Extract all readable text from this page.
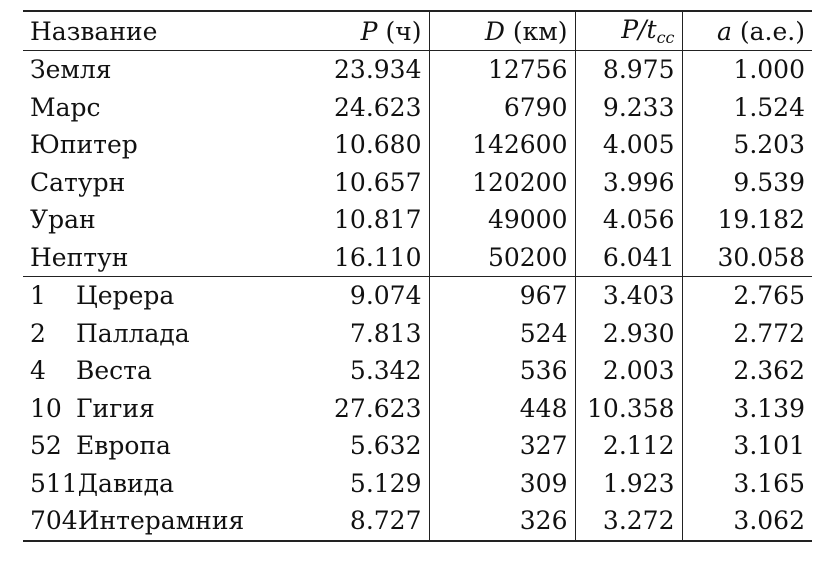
Название	P (ч)	D (км)	$P/t_{cc}$	a (а.е.)
Земля	23.934	12756	8.975	1.000
Марс	24.623	6790	9.233	1.524
Юпитер	10.680	142600	4.005	5.203
Сатурн	10.657	120200	3.996	9.539
Уран	10.817	49000	4.056	19.182
Нептун	16.110	50200	6.041	30.058
1 Церера	9.074	967	3.403	2.765
2 Паллада	7.813	524	2.930	2.772
4 Веста	5.342	536	2.003	2.362
10 Гигия	27.623	448	10.358	3.139
52 Европа	5.632	327	2.112	3.101
511Давида	5.129	309	1.923	3.165
704Интерамния	8.727	326	3.272	3.062
